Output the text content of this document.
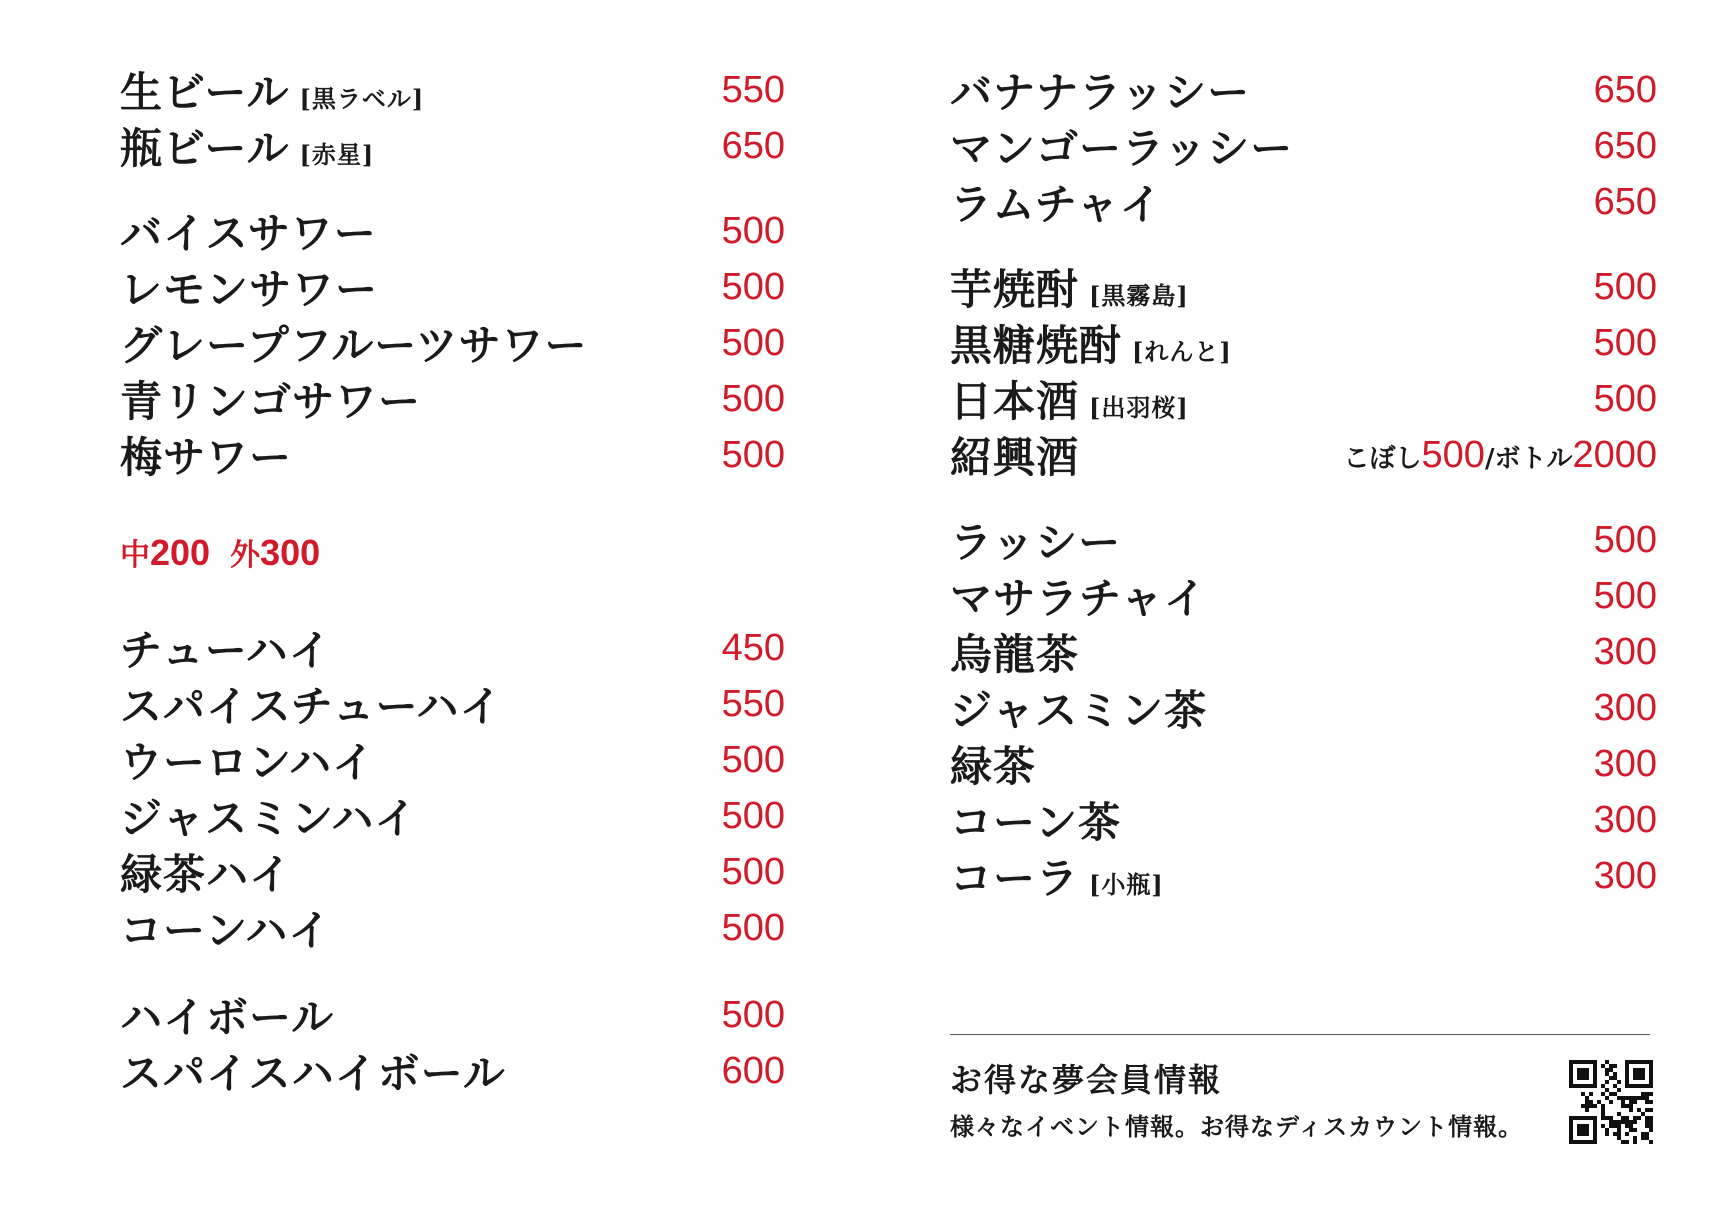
生ビール [黒ラベル]	550
瓶ビール [赤星]	650
バイスサワー	500
レモンサワー	500
グレープフルーツサワー	500
青リンゴサワー	500
梅サワー	500
中200 外300
チューハイ	450
スパイスチューハイ	550
ウーロンハイ	500
ジャスミンハイ	500
緑茶ハイ	500
コーンハイ	500
ハイボール	500
スパイスハイボール	600
バナナラッシー	650
マンゴーラッシー	650
ラムチャイ	650
芋焼酎 [黒霧島]	500
黒糖焼酎 [れんと]	500
日本酒 [出羽桜]	500
紹興酒	こぼし 500 / ボトル 2000
ラッシー	500
マサラチャイ	500
烏龍茶	300
ジャスミン茶	300
緑茶	300
コーン茶	300
コーラ [小瓶]	300
お得な夢会員情報
様々なイベント情報。お得なディスカウント情報。
